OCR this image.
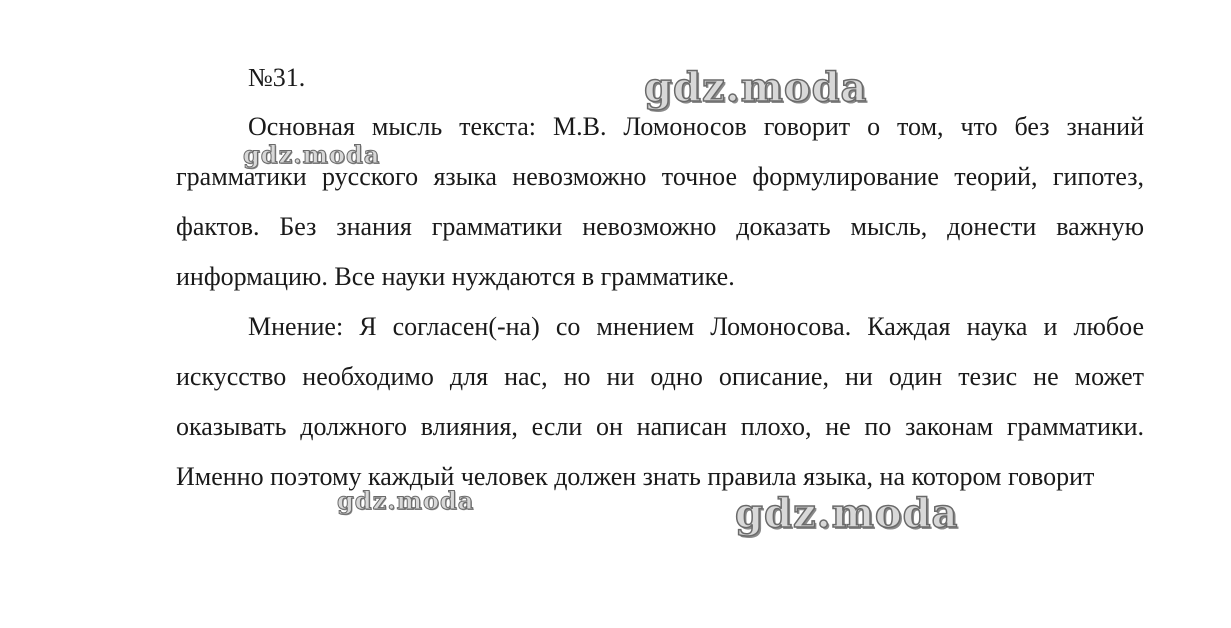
№31.

Основная мысль текста: М.В. Ломоносов говорит о том, что без знаний грамматики русского языка невозможно точное формулирование теорий, гипотез, фактов. Без знания грамматики невозможно доказать мысль, донести важную информацию. Все науки нуждаются в грамматике.

Мнение: Я согласен(-на) со мнением Ломоносова. Каждая наука и любое искусство необходимо для нас, но ни одно описание, ни один тезис не может оказывать должного влияния, если он написан плохо, не по законам грамматики. Именно поэтому каждый человек должен знать правила языка, на котором говорит

gdz.moda
gdz.moda
gdz.moda	gdz.moda
